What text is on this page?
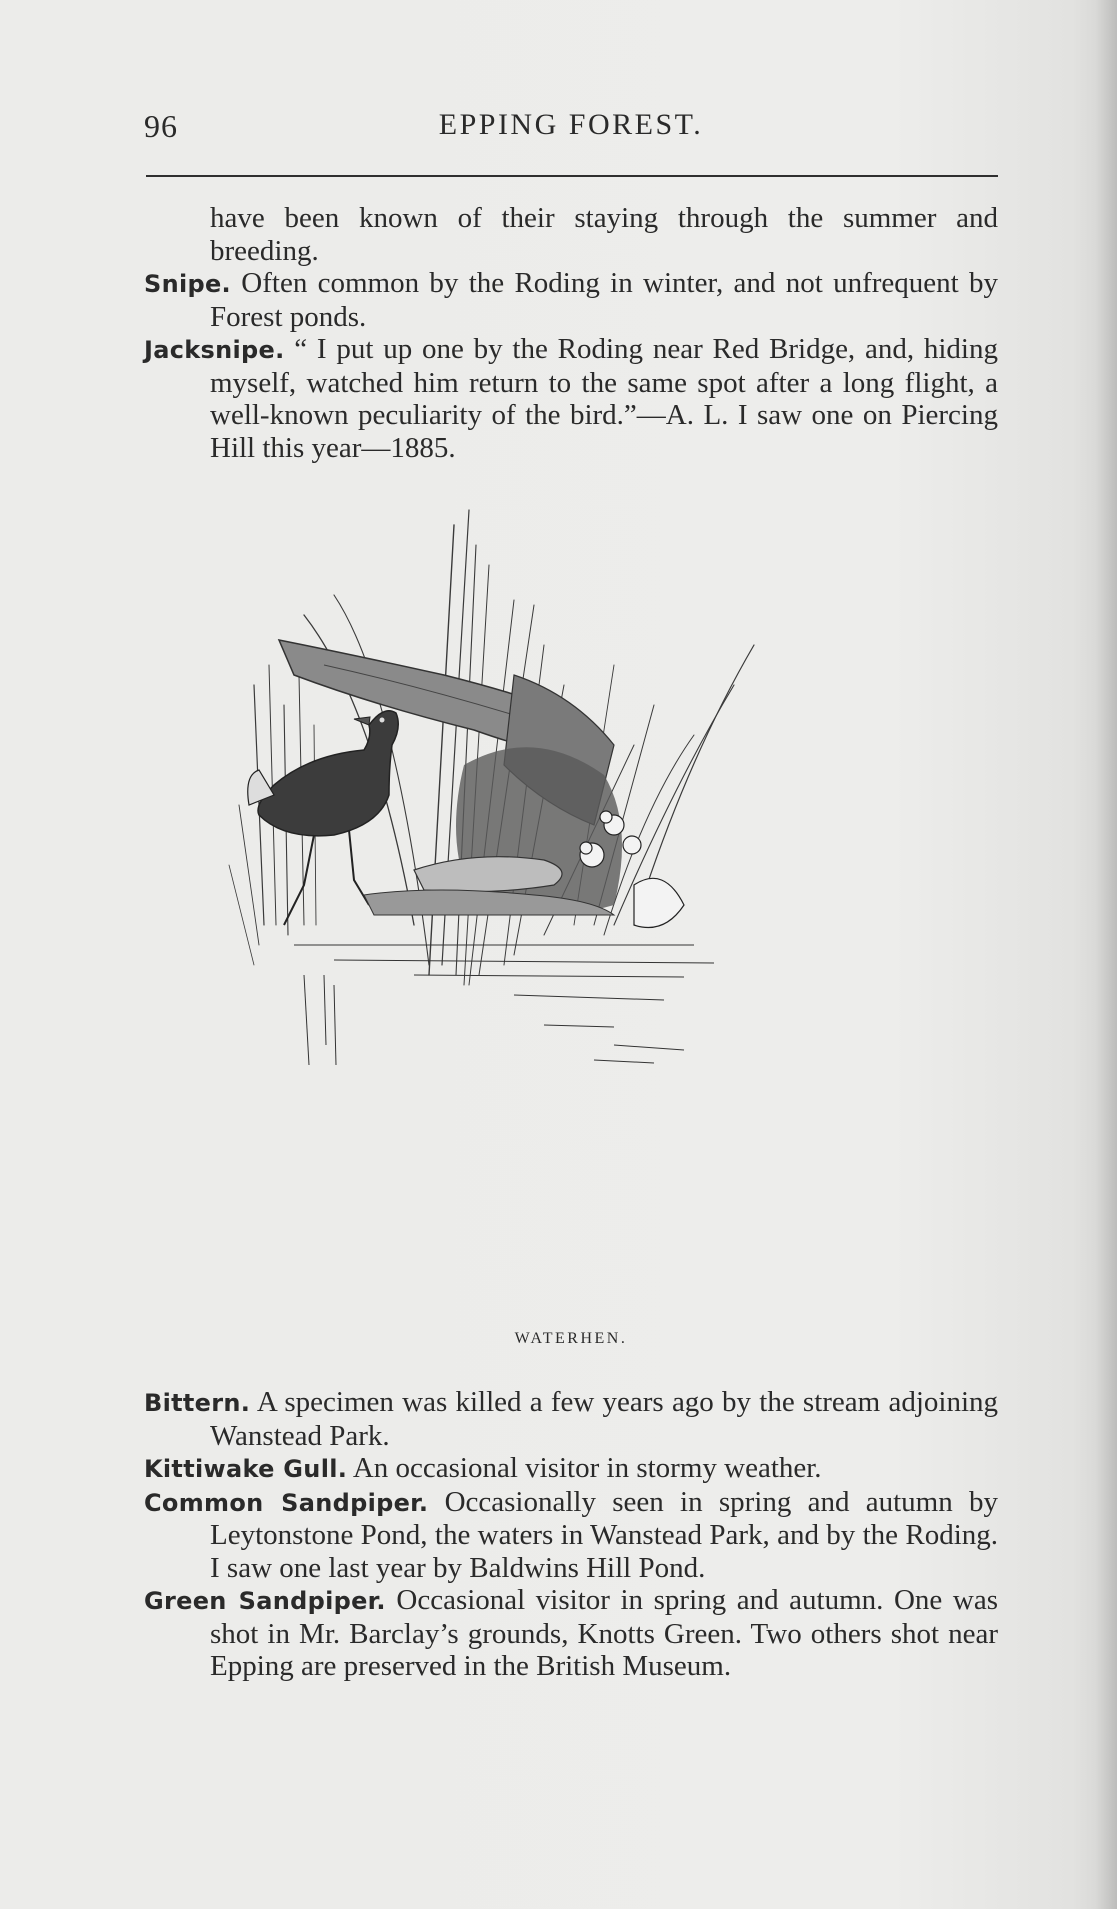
96	EPPING FOREST.

have been known of their staying through the summer and breeding.

Snipe. Often common by the Roding in winter, and not unfrequent by Forest ponds.

Jacksnipe. “ I put up one by the Roding near Red Bridge, and, hiding myself, watched him return to the same spot after a long flight, a well-known peculiarity of the bird.”—A. L. I saw one on Piercing Hill this year—1885.

WATERHEN.

Bittern. A specimen was killed a few years ago by the stream adjoining Wanstead Park.

Kittiwake Gull. An occasional visitor in stormy weather.

Common Sandpiper. Occasionally seen in spring and autumn by Leytonstone Pond, the waters in Wanstead Park, and by the Roding. I saw one last year by Baldwins Hill Pond.

Green Sandpiper. Occasional visitor in spring and autumn. One was shot in Mr. Barclay’s grounds, Knotts Green. Two others shot near Epping are preserved in the British Museum.
